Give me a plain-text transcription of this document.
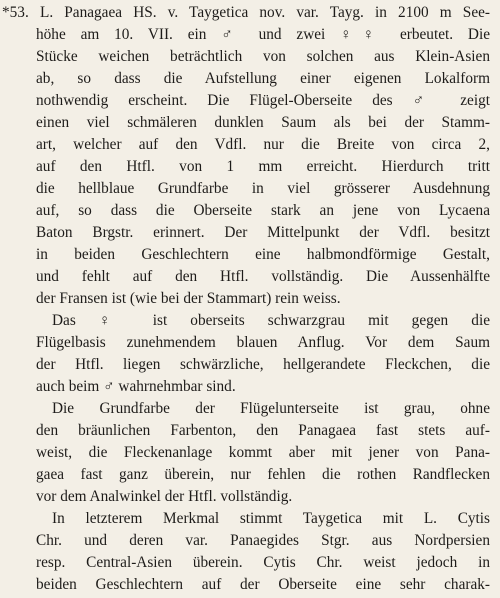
*53. L. Panagaea HS. v. Taygetica nov. var. Tayg. in 2100 m See-
höhe am 10. VII. ein ♂ und zwei ♀♀ erbeutet. Die
Stücke weichen beträchtlich von solchen aus Klein-Asien
ab, so dass die Aufstellung einer eigenen Lokalform
nothwendig erscheint. Die Flügel-Oberseite des ♂ zeigt
einen viel schmäleren dunklen Saum als bei der Stamm-
art, welcher auf den Vdfl. nur die Breite von circa 2,
auf den Htfl. von 1 mm erreicht. Hierdurch tritt
die hellblaue Grundfarbe in viel grösserer Ausdehnung
auf, so dass die Oberseite stark an jene von Lycaena
Baton Brgstr. erinnert. Der Mittelpunkt der Vdfl. besitzt
in beiden Geschlechtern eine halbmondförmige Gestalt,
und fehlt auf den Htfl. vollständig. Die Aussenhälfte
der Fransen ist (wie bei der Stammart) rein weiss.
Das ♀ ist oberseits schwarzgrau mit gegen die
Flügelbasis zunehmendem blauen Anflug. Vor dem Saum
der Htfl. liegen schwärzliche, hellgerandete Fleckchen, die
auch beim ♂ wahrnehmbar sind.
Die Grundfarbe der Flügelunterseite ist grau, ohne
den bräunlichen Farbenton, den Panagaea fast stets auf-
weist, die Fleckenanlage kommt aber mit jener von Pana-
gaea fast ganz überein, nur fehlen die rothen Randflecken
vor dem Analwinkel der Htfl. vollständig.
In letzterem Merkmal stimmt Taygetica mit L. Cytis
Chr. und deren var. Panaegides Stgr. aus Nordpersien
resp. Central-Asien überein. Cytis Chr. weist jedoch in
beiden Geschlechtern auf der Oberseite eine sehr charak-
